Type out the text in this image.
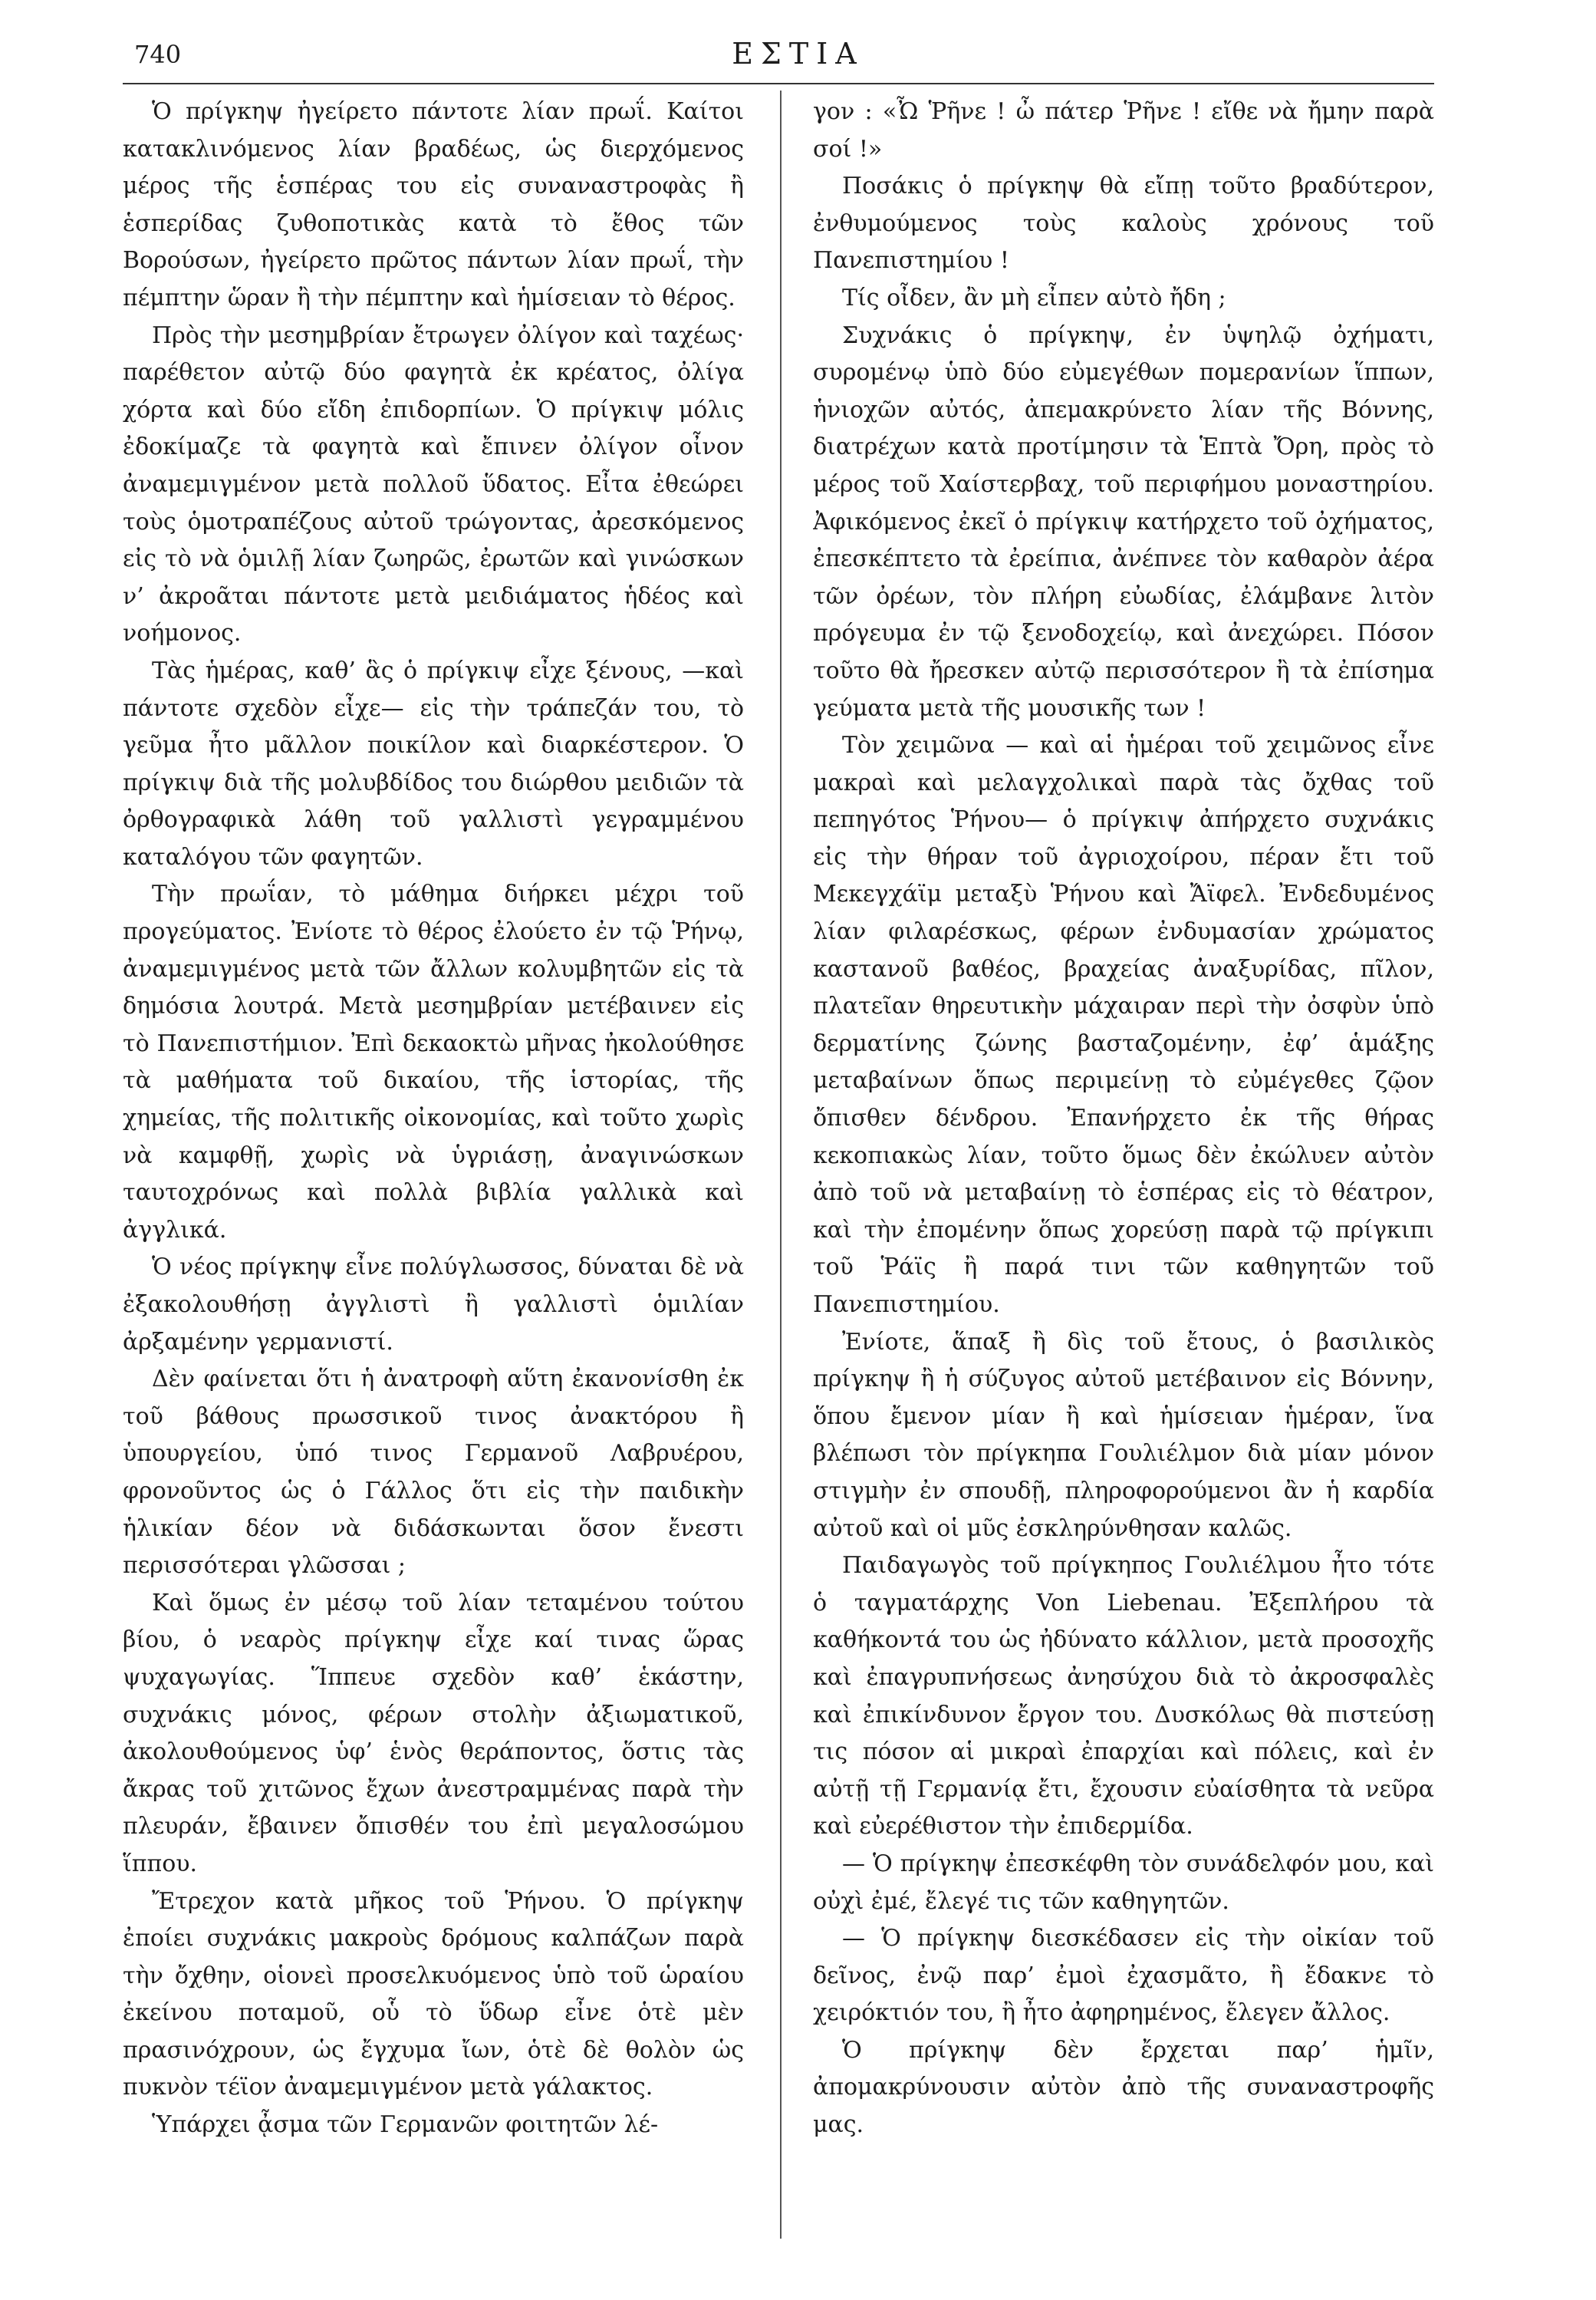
740	ΕΣΤΙΑ

Ὁ πρίγκηψ ἠγείρετο πάντοτε λίαν πρωΐ. Καίτοι κατακλινόμενος λίαν βραδέως, ὡς διερχόμενος μέρος τῆς ἑσπέρας του εἰς συναναστροφὰς ἢ ἑσπερίδας ζυθοποτικὰς κατὰ τὸ ἔθος τῶν Βορούσων, ἠγείρετο πρῶτος πάντων λίαν πρωΐ, τὴν πέμπτην ὥραν ἢ τὴν πέμπτην καὶ ἡμίσειαν τὸ θέρος.

Πρὸς τὴν μεσημβρίαν ἔτρωγεν ὀλίγον καὶ ταχέως· παρέθετον αὐτῷ δύο φαγητὰ ἐκ κρέατος, ὀλίγα χόρτα καὶ δύο εἴδη ἐπιδορπίων. Ὁ πρίγκιψ μόλις ἐδοκίμαζε τὰ φαγητὰ καὶ ἔπινεν ὀλίγον οἶνον ἀναμεμιγμένον μετὰ πολλοῦ ὕδατος. Εἶτα ἐθεώρει τοὺς ὁμοτραπέζους αὐτοῦ τρώγοντας, ἀρεσκόμενος εἰς τὸ νὰ ὁμιλῇ λίαν ζωηρῶς, ἐρωτῶν καὶ γινώσκων ν’ ἀκροᾶται πάντοτε μετὰ μειδιάματος ἡδέος καὶ νοήμονος.

Τὰς ἡμέρας, καθ’ ἃς ὁ πρίγκιψ εἶχε ξένους, —καὶ πάντοτε σχεδὸν εἶχε— εἰς τὴν τράπεζάν του, τὸ γεῦμα ἦτο μᾶλλον ποικίλον καὶ διαρκέστερον. Ὁ πρίγκιψ διὰ τῆς μολυβδίδος του διώρθου μειδιῶν τὰ ὀρθογραφικὰ λάθη τοῦ γαλλιστὶ γεγραμμένου καταλόγου τῶν φαγητῶν.

Τὴν πρωΐαν, τὸ μάθημα διήρκει μέχρι τοῦ προγεύματος. Ἐνίοτε τὸ θέρος ἐλούετο ἐν τῷ Ῥήνῳ, ἀναμεμιγμένος μετὰ τῶν ἄλλων κολυμβητῶν εἰς τὰ δημόσια λουτρά. Μετὰ μεσημβρίαν μετέβαινεν εἰς τὸ Πανεπιστήμιον. Ἐπὶ δεκαοκτὼ μῆνας ἠκολούθησε τὰ μαθήματα τοῦ δικαίου, τῆς ἱστορίας, τῆς χημείας, τῆς πολιτικῆς οἰκονομίας, καὶ τοῦτο χωρὶς νὰ καμφθῇ, χωρὶς νὰ ὑγριάσῃ, ἀναγινώσκων ταυτοχρόνως καὶ πολλὰ βιβλία γαλλικὰ καὶ ἀγγλικά.

Ὁ νέος πρίγκηψ εἶνε πολύγλωσσος, δύναται δὲ νὰ ἐξακολουθήσῃ ἀγγλιστὶ ἢ γαλλιστὶ ὁμιλίαν ἀρξαμένην γερμανιστί.

Δὲν φαίνεται ὅτι ἡ ἀνατροφὴ αὕτη ἐκανονίσθη ἐκ τοῦ βάθους πρωσσικοῦ τινος ἀνακτόρου ἢ ὑπουργείου, ὑπό τινος Γερμανοῦ Λαβρυέρου, φρονοῦντος ὡς ὁ Γάλλος ὅτι εἰς τὴν παιδικὴν ἡλικίαν δέον νὰ διδάσκωνται ὅσον ἔνεστι περισσότεραι γλῶσσαι ;

Καὶ ὅμως ἐν μέσῳ τοῦ λίαν τεταμένου τούτου βίου, ὁ νεαρὸς πρίγκηψ εἶχε καί τινας ὥρας ψυχαγωγίας. Ἵππευε σχεδὸν καθ’ ἑκάστην, συχνάκις μόνος, φέρων στολὴν ἀξιωματικοῦ, ἀκολουθούμενος ὑφ’ ἑνὸς θεράποντος, ὅστις τὰς ἄκρας τοῦ χιτῶνος ἔχων ἀνεστραμμένας παρὰ τὴν πλευράν, ἔβαινεν ὄπισθέν του ἐπὶ μεγαλοσώμου ἵππου.

Ἔτρεχον κατὰ μῆκος τοῦ Ῥήνου. Ὁ πρίγκηψ ἐποίει συχνάκις μακροὺς δρόμους καλπάζων παρὰ τὴν ὄχθην, οἱονεὶ προσελκυόμενος ὑπὸ τοῦ ὡραίου ἐκείνου ποταμοῦ, οὗ τὸ ὕδωρ εἶνε ὁτὲ μὲν πρασινόχρουν, ὡς ἔγχυμα ἴων, ὁτὲ δὲ θολὸν ὡς πυκνὸν τέϊον ἀναμεμιγμένον μετὰ γάλακτος.

Ὑπάρχει ᾆσμα τῶν Γερμανῶν φοιτητῶν λέ-

γον : «Ὦ Ῥῆνε ! ὦ πάτερ Ῥῆνε ! εἴθε νὰ ἤμην παρὰ σοί !»

Ποσάκις ὁ πρίγκηψ θὰ εἴπῃ τοῦτο βραδύτερον, ἐνθυμούμενος τοὺς καλοὺς χρόνους τοῦ Πανεπιστημίου !

Τίς οἶδεν, ἂν μὴ εἶπεν αὐτὸ ἤδη ;

Συχνάκις ὁ πρίγκηψ, ἐν ὑψηλῷ ὀχήματι, συρομένῳ ὑπὸ δύο εὐμεγέθων πομερανίων ἵππων, ἡνιοχῶν αὐτός, ἀπεμακρύνετο λίαν τῆς Βόννης, διατρέχων κατὰ προτίμησιν τὰ Ἑπτὰ Ὄρη, πρὸς τὸ μέρος τοῦ Χαίστερβαχ, τοῦ περιφήμου μοναστηρίου. Ἀφικόμενος ἐκεῖ ὁ πρίγκιψ κατήρχετο τοῦ ὀχήματος, ἐπεσκέπτετο τὰ ἐρείπια, ἀνέπνεε τὸν καθαρὸν ἀέρα τῶν ὀρέων, τὸν πλήρη εὐωδίας, ἐλάμβανε λιτὸν πρόγευμα ἐν τῷ ξενοδοχείῳ, καὶ ἀνεχώρει. Πόσον τοῦτο θὰ ἤρεσκεν αὐτῷ περισσότερον ἢ τὰ ἐπίσημα γεύματα μετὰ τῆς μουσικῆς των !

Τὸν χειμῶνα — καὶ αἱ ἡμέραι τοῦ χειμῶνος εἶνε μακραὶ καὶ μελαγχολικαὶ παρὰ τὰς ὄχθας τοῦ πεπηγότος Ῥήνου— ὁ πρίγκιψ ἀπήρχετο συχνάκις εἰς τὴν θήραν τοῦ ἀγριοχοίρου, πέραν ἔτι τοῦ Μεκεγχάϊμ μεταξὺ Ῥήνου καὶ Ἄϊφελ. Ἐνδεδυμένος λίαν φιλαρέσκως, φέρων ἐνδυμασίαν χρώματος καστανοῦ βαθέος, βραχείας ἀναξυρίδας, πῖλον, πλατεῖαν θηρευτικὴν μάχαιραν περὶ τὴν ὀσφὺν ὑπὸ δερματίνης ζώνης βασταζομένην, ἐφ’ ἁμάξης μεταβαίνων ὅπως περιμείνῃ τὸ εὐμέγεθες ζῷον ὄπισθεν δένδρου. Ἐπανήρχετο ἐκ τῆς θήρας κεκοπιακὼς λίαν, τοῦτο ὅμως δὲν ἐκώλυεν αὐτὸν ἀπὸ τοῦ νὰ μεταβαίνῃ τὸ ἑσπέρας εἰς τὸ θέατρον, καὶ τὴν ἐπομένην ὅπως χορεύσῃ παρὰ τῷ πρίγκιπι τοῦ Ῥάϊς ἢ παρά τινι τῶν καθηγητῶν τοῦ Πανεπιστημίου.

Ἐνίοτε, ἅπαξ ἢ δὶς τοῦ ἔτους, ὁ βασιλικὸς πρίγκηψ ἢ ἡ σύζυγος αὐτοῦ μετέβαινον εἰς Βόννην, ὅπου ἔμενον μίαν ἢ καὶ ἡμίσειαν ἡμέραν, ἵνα βλέπωσι τὸν πρίγκηπα Γουλιέλμον διὰ μίαν μόνον στιγμὴν ἐν σπουδῇ, πληροφορούμενοι ἂν ἡ καρδία αὐτοῦ καὶ οἱ μῦς ἐσκληρύνθησαν καλῶς.

Παιδαγωγὸς τοῦ πρίγκηπος Γουλιέλμου ἦτο τότε ὁ ταγματάρχης Von Liebenau. Ἐξεπλήρου τὰ καθήκοντά του ὡς ἠδύνατο κάλλιον, μετὰ προσοχῆς καὶ ἐπαγρυπνήσεως ἀνησύχου διὰ τὸ ἀκροσφαλὲς καὶ ἐπικίνδυνον ἔργον του. Δυσκόλως θὰ πιστεύσῃ τις πόσον αἱ μικραὶ ἐπαρχίαι καὶ πόλεις, καὶ ἐν αὐτῇ τῇ Γερμανίᾳ ἔτι, ἔχουσιν εὐαίσθητα τὰ νεῦρα καὶ εὐερέθιστον τὴν ἐπιδερμίδα.

— Ὁ πρίγκηψ ἐπεσκέφθη τὸν συνάδελφόν μου, καὶ οὐχὶ ἐμέ, ἔλεγέ τις τῶν καθηγητῶν.

— Ὁ πρίγκηψ διεσκέδασεν εἰς τὴν οἰκίαν τοῦ δεῖνος, ἐνῷ παρ’ ἐμοὶ ἐχασμᾶτο, ἢ ἔδακνε τὸ χειρόκτιόν του, ἢ ἦτο ἀφηρημένος, ἔλεγεν ἄλλος.

Ὁ πρίγκηψ δὲν ἔρχεται παρ’ ἡμῖν, ἀπομακρύνουσιν αὐτὸν ἀπὸ τῆς συναναστροφῆς μας.
